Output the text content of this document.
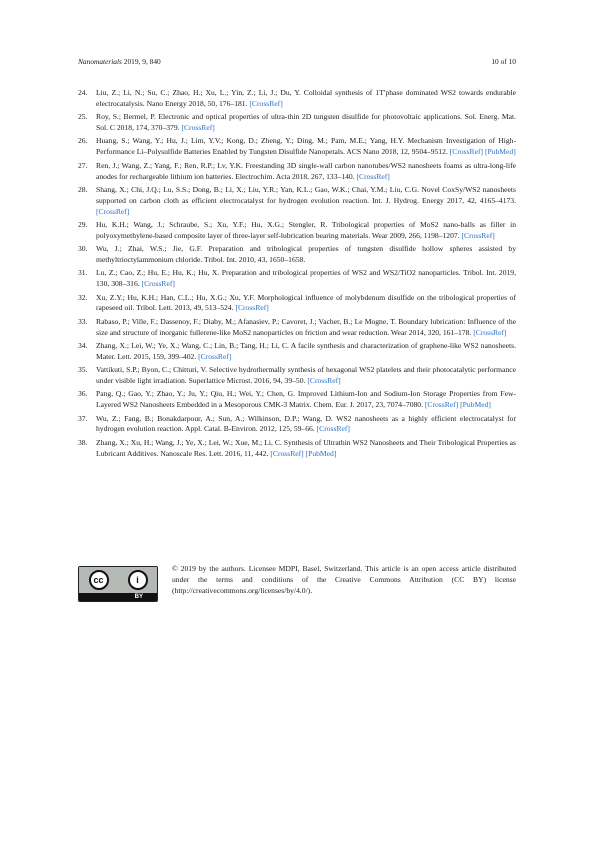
Nanomaterials 2019, 9, 840	10 of 10
24.	Liu, Z.; Li, N.; Su, C.; Zhao, H.; Xu, L.; Yin, Z.; Li, J.; Du, Y. Colloidal synthesis of 1T′phase dominated WS2 towards endurable electrocatalysis. Nano Energy 2018, 50, 176–181. [CrossRef]
25.	Roy, S.; Bermel, P. Electronic and optical properties of ultra-thin 2D tungsten disulfide for photovoltaic applications. Sol. Energ. Mat. Sol. C 2018, 174, 370–379. [CrossRef]
26.	Huang, S.; Wang, Y.; Hu, J.; Lim, Y.V.; Kong, D.; Zheng, Y.; Ding, M.; Pam, M.E.; Yang, H.Y. Mechanism Investigation of High-Performance Li–Polysulfide Batteries Enabled by Tungsten Disulfide Nanopetals. ACS Nano 2018, 12, 9504–9512. [CrossRef] [PubMed]
27.	Ren, J.; Wang, Z.; Yang, F.; Ren, R.P.; Lv, Y.K. Freestanding 3D single-wall carbon nanotubes/WS2 nanosheets foams as ultra-long-life anodes for rechargeable lithium ion batteries. Electrochim. Acta 2018, 267, 133–140. [CrossRef]
28.	Shang, X.; Chi, J.Q.; Lu, S.S.; Dong, B.; Li, X.; Liu, Y.R.; Yan, K.L.; Gao, W.K.; Chai, Y.M.; Liu, C.G. Novel CoxSy/WS2 nanosheets supported on carbon cloth as efficient electrocatalyst for hydrogen evolution reaction. Int. J. Hydrog. Energy 2017, 42, 4165–4173. [CrossRef]
29.	Hu, K.H.; Wang, J.; Schraube, S.; Xu, Y.F.; Hu, X.G.; Stengler, R. Tribological properties of MoS2 nano-balls as filler in polyoxymethylene-based composite layer of three-layer self-lubrication bearing materials. Wear 2009, 266, 1198–1207. [CrossRef]
30.	Wu, J.; Zhai, W.S.; Jie, G.F. Preparation and tribological properties of tungsten disulfide hollow spheres assisted by methyltrioctylammonium chloride. Tribol. Int. 2010, 43, 1650–1658.
31.	Lu, Z.; Cao, Z.; Hu, E.; Hu, K.; Hu, X. Preparation and tribological properties of WS2 and WS2/TiO2 nanoparticles. Tribol. Int. 2019, 130, 308–316. [CrossRef]
32.	Xu, Z.Y.; Hu, K.H.; Han, C.L.; Hu, X.G.; Xu, Y.F. Morphological influence of molybdenum disulfide on the tribological properties of rapeseed oil. Tribol. Lett. 2013, 49, 513–524. [CrossRef]
33.	Rabaso, P.; Ville, F.; Dassenoy, F.; Diaby, M.; Afanasiev, P.; Cavoret, J.; Vacher, B.; Le Mogne, T. Boundary lubrication: Influence of the size and structure of inorganic fullerene-like MoS2 nanoparticles on friction and wear reduction. Wear 2014, 320, 161–178. [CrossRef]
34.	Zhang, X.; Lei, W.; Ye, X.; Wang, C.; Lin, B.; Tang, H.; Li, C. A facile synthesis and characterization of graphene-like WS2 nanosheets. Mater. Lett. 2015, 159, 399–402. [CrossRef]
35.	Vattikuti, S.P.; Byon, C.; Chitturi, V. Selective hydrothermally synthesis of hexagonal WS2 platelets and their photocatalytic performance under visible light irradiation. Superlattice Microst. 2016, 94, 39–50. [CrossRef]
36.	Pang, Q.; Gao, Y.; Zhao, Y.; Ju, Y.; Qiu, H.; Wei, Y.; Chen, G. Improved Lithium-Ion and Sodium-Ion Storage Properties from Few-Layered WS2 Nanosheets Embedded in a Mesoporous CMK-3 Matrix. Chem. Eur. J. 2017, 23, 7074–7080. [CrossRef] [PubMed]
37.	Wu, Z.; Fang, B.; Bonakdarpour, A.; Sun, A.; Wilkinson, D.P.; Wang, D. WS2 nanosheets as a highly efficient electrocatalyst for hydrogen evolution reaction. Appl. Catal. B-Environ. 2012, 125, 59–66. [CrossRef]
38.	Zhang, X.; Xu, H.; Wang, J.; Ye, X.; Lei, W.; Xue, M.; Li, C. Synthesis of Ultrathin WS2 Nanosheets and Their Tribological Properties as Lubricant Additives. Nanoscale Res. Lett. 2016, 11, 442. [CrossRef] [PubMed]
cc	i
BY
© 2019 by the authors. Licensee MDPI, Basel, Switzerland. This article is an open access article distributed under the terms and conditions of the Creative Commons Attribution (CC BY) license (http://creativecommons.org/licenses/by/4.0/).
